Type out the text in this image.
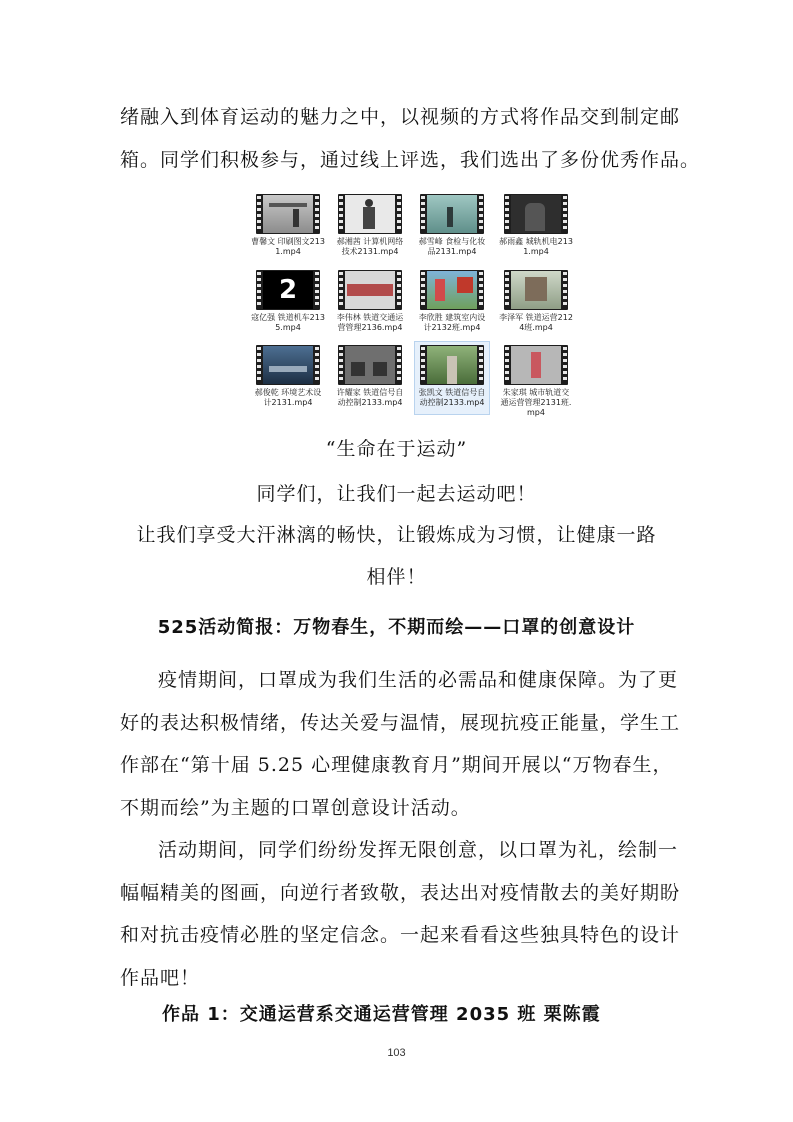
绪融入到体育运动的魅力之中，以视频的方式将作品交到制定邮

箱。同学们积极参与，通过线上评选，我们选出了多份优秀作品。

曹馨文 印刷图文2131.mp4
郝湘茜 计算机网络技术2131.mp4
郝雪峰 食检与化妆品2131.mp4
郝雨鑫 城轨机电2131.mp4
2
寇亿强 铁道机车2135.mp4
李伟林 铁道交通运营管理2136.mp4
李欣胜 建筑室内设计2132班.mp4
李泽军 铁道运营2124班.mp4
郝俊乾 环境艺术设计2131.mp4
许耀家 铁道信号自动控制2133.mp4
张凯文 铁道信号自动控制2133.mp4
朱家琪 城市轨道交通运营管理2131班.mp4

“生命在于运动”

同学们，让我们一起去运动吧！

让我们享受大汗淋漓的畅快，让锻炼成为习惯，让健康一路

相伴！

525活动简报：万物春生，不期而绘——口罩的创意设计

疫情期间，口罩成为我们生活的必需品和健康保障。为了更

好的表达积极情绪，传达关爱与温情，展现抗疫正能量，学生工

作部在“第十届 5.25 心理健康教育月”期间开展以“万物春生，

不期而绘”为主题的口罩创意设计活动。

活动期间，同学们纷纷发挥无限创意，以口罩为礼，绘制一

幅幅精美的图画，向逆行者致敬，表达出对疫情散去的美好期盼

和对抗击疫情必胜的坚定信念。一起来看看这些独具特色的设计

作品吧！

作品 1：交通运营系交通运营管理 2035 班 栗陈霞

103
